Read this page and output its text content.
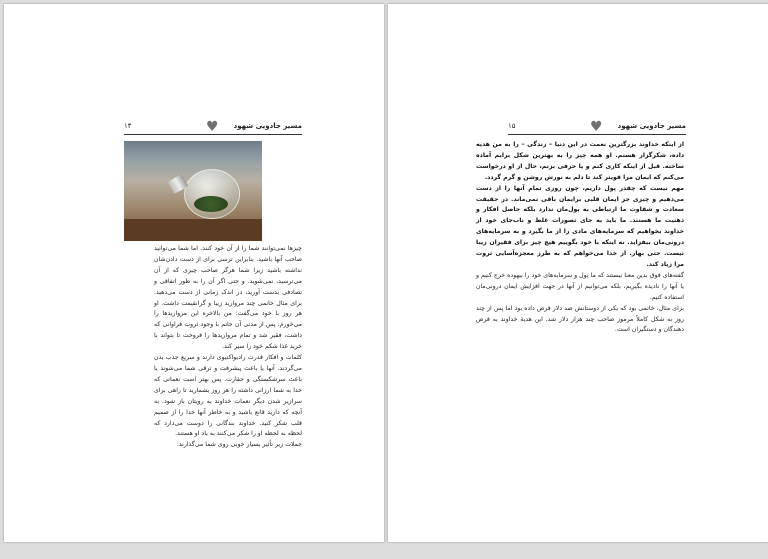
۱۴	♥ مسیر جادویی شهود

چیزها نمی‌توانند شما را از آن خود کنند. اما شما می‌توانید صاحب آنها باشید. بنابراین ترسی برای از دست دادن‌شان نداشته باشید زیرا شما هرگز صاحب چیزی که از آن می‌ترسید، نمی‌شوید. و حتی اگر آن را به طور اتفاقی و تصادفی بدست آورید، در اندک زمانی از دست می‌دهید. برای مثال خانمی چند مروارید زیبا و گرانقیمت داشت. او هر روز با خود می‌گفت: من بالاخره این مرواریدها را می‌خورم. پس از مدتی آن خانم با وجود ثروت فراوانی که داشت، فقیر شد و تمام مرواریدها را فروخت تا بتواند با خرید غذا شکم خود را سیر کند.

کلمات و افکار قدرت رادیواکتیوی دارند و سریع جذب بدن می‌گردند. آنها یا باعث پیشرفت و ترقی شما می‌شوند یا باعث سرشکستگی و حقارت. پس بهتر است نعماتی که خدا به شما ارزانی داشته را هر روز بشمارید تا راهی برای سرازیر شدن دیگر نعمات خداوند به رویتان باز شود. به آنچه که دارید قانع باشید و به خاطر آنها خدا را از صمیم قلب شکر کنید. خداوند بندگانی را دوست می‌دارد که لحظه به لحظه او را شکر می‌کنند به یاد او هستند.

جملات زیر تأثیر بسیار خوبی روی شما می‌گذارند:

۱۵	♥ مسیر جادویی شهود

از اینکه خداوند بزرگترین نعمت در این دنیا – زندگی – را به من هدیه داده، شکرگزار هستم. او همه چیز را به بهترین شکل برایم آماده ساخته. قبل از اینکه کاری کنم و یا حرفی بزنم، حال از او درخواست می‌کنم که ایمان مرا قویتر کند تا دلم به نورش روشن و گرم گردد.

مهم نیست که چقدر پول داریم، چون روزی تمام آنها را از دست می‌دهیم و چیزی جز ایمان قلبی برایمان باقی نمی‌ماند. در حقیقت سعادت و شقاوت ما ارتباطی به پول‌مان ندارد بلکه حاصل افکار و ذهنیت ما هستند. ما باید به جای تصورات غلط و ناب‌جای خود از خداوند بخواهیم که سرمایه‌های مادی را از ما بگیرد و به سرمایه‌های درونی‌مان بیفزاید. نه اینکه با خود بگوییم هیچ چیز برای فقیران زیبا نیست. حتی بهار. از خدا می‌خواهم که به طرز معجزه‌آسایی ثروت مرا زیاد کند.

گفته‌های فوق بدین معنا نیستند که ما پول و سرمایه‌های خود را بیهوده خرج کنیم و یا آنها را نادیده بگیریم، بلکه می‌توانیم از آنها در جهت افزایش ایمان درونی‌مان استفاده کنیم.

برای مثال، خانمی بود که یکی از دوستانش صد دلار قرض داده بود اما پس از چند روز به شکل کاملاً مرموز صاحب چند هزار دلار شد. این هدیهٔ خداوند به قرض دهندگان و دستگیران است.
